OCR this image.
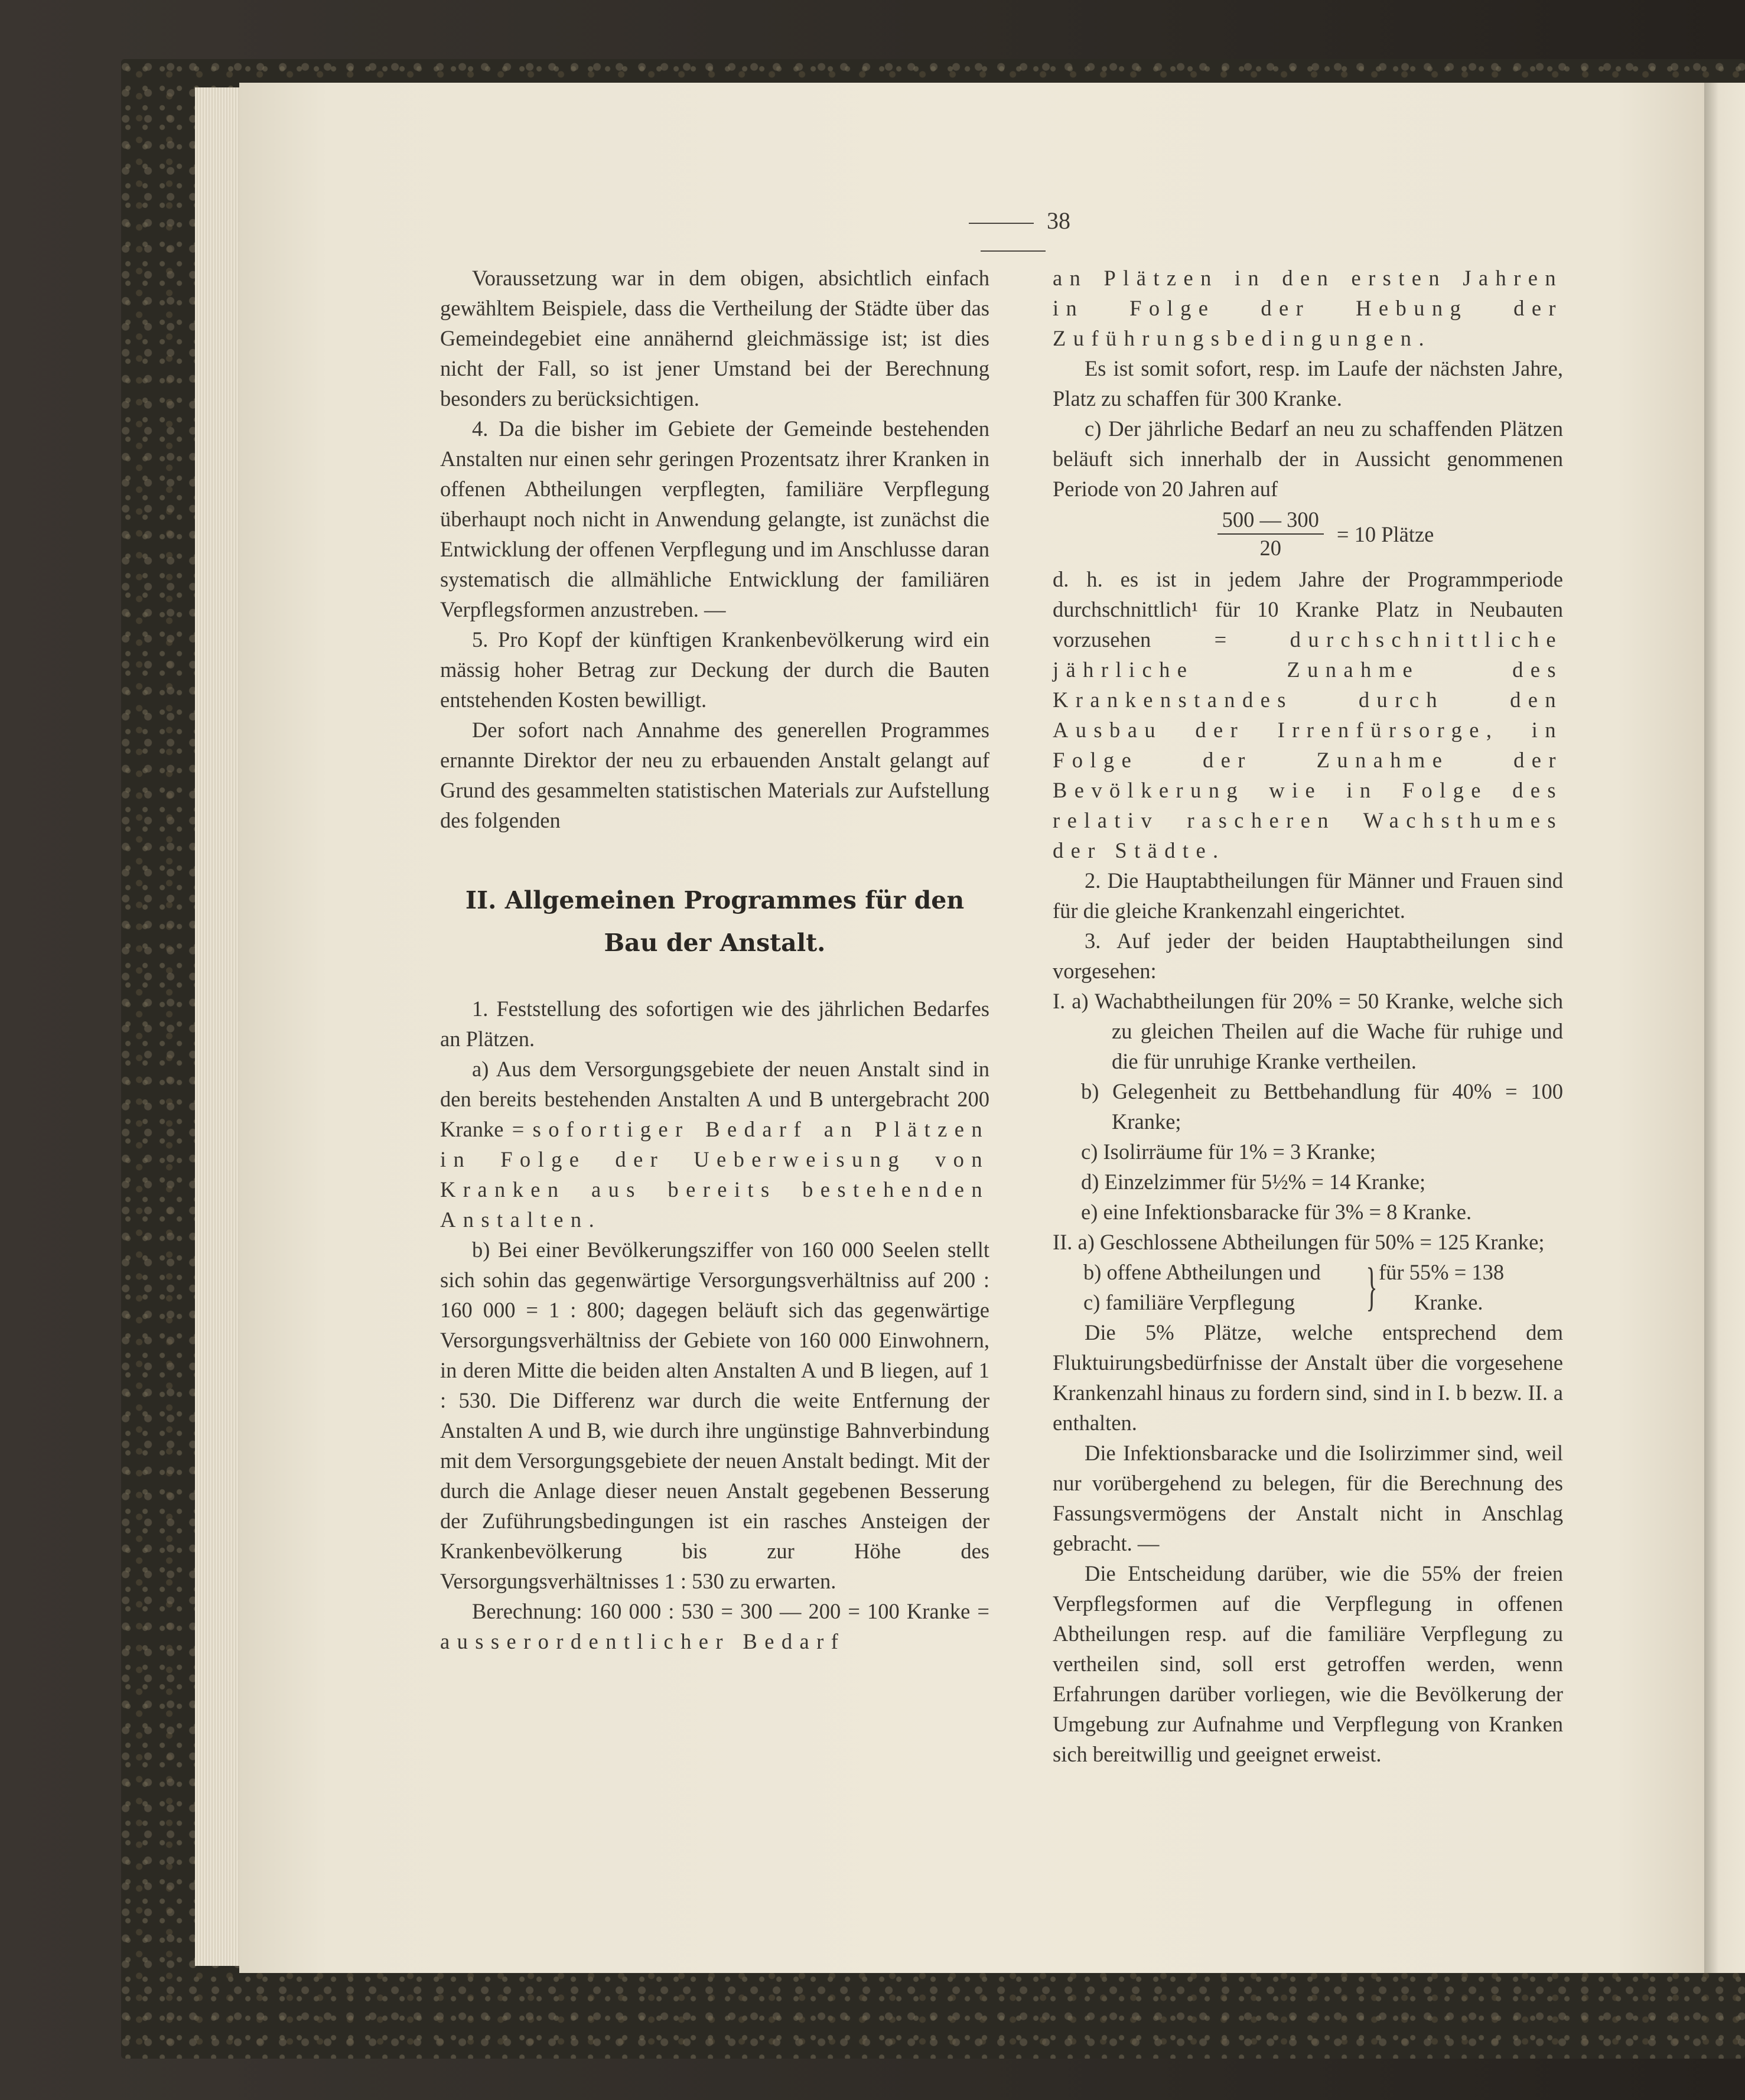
38

Voraussetzung war in dem obigen, absichtlich einfach gewähltem Beispiele, dass die Vertheilung der Städte über das Gemeindegebiet eine annähernd gleichmässige ist; ist dies nicht der Fall, so ist jener Umstand bei der Berechnung besonders zu berücksichtigen.

4. Da die bisher im Gebiete der Gemeinde bestehenden Anstalten nur einen sehr geringen Prozentsatz ihrer Kranken in offenen Abtheilungen verpflegten, familiäre Verpflegung überhaupt noch nicht in Anwendung gelangte, ist zunächst die Entwicklung der offenen Verpflegung und im Anschlusse daran systematisch die allmähliche Entwicklung der familiären Verpflegsformen anzustreben. —

5. Pro Kopf der künftigen Krankenbevölkerung wird ein mässig hoher Betrag zur Deckung der durch die Bauten entstehenden Kosten bewilligt.

Der sofort nach Annahme des generellen Programmes ernannte Direktor der neu zu erbauenden Anstalt gelangt auf Grund des gesammelten statistischen Materials zur Aufstellung des folgenden

II. Allgemeinen Programmes für den Bau der Anstalt.

1. Feststellung des sofortigen wie des jährlichen Bedarfes an Plätzen.

a) Aus dem Versorgungsgebiete der neuen Anstalt sind in den bereits bestehenden Anstalten A und B untergebracht 200 Kranke = sofortiger Bedarf an Plätzen in Folge der Ueberweisung von Kranken aus bereits bestehenden Anstalten.

b) Bei einer Bevölkerungsziffer von 160 000 Seelen stellt sich sohin das gegenwärtige Versorgungsverhältniss auf 200 : 160 000 = 1 : 800; dagegen beläuft sich das gegenwärtige Versorgungsverhältniss der Gebiete von 160 000 Einwohnern, in deren Mitte die beiden alten Anstalten A und B liegen, auf 1 : 530. Die Differenz war durch die weite Entfernung der Anstalten A und B, wie durch ihre ungünstige Bahnverbindung mit dem Versorgungsgebiete der neuen Anstalt bedingt. Mit der durch die Anlage dieser neuen Anstalt gegebenen Besserung der Zuführungsbedingungen ist ein rasches Ansteigen der Krankenbevölkerung bis zur Höhe des Versorgungsverhältnisses 1 : 530 zu erwarten.

Berechnung: 160 000 : 530 = 300 — 200 = 100 Kranke = ausserordentlicher Bedarf

an Plätzen in den ersten Jahren in Folge der Hebung der Zuführungsbedingungen.

Es ist somit sofort, resp. im Laufe der nächsten Jahre, Platz zu schaffen für 300 Kranke.

c) Der jährliche Bedarf an neu zu schaffenden Plätzen beläuft sich innerhalb der in Aussicht genommenen Periode von 20 Jahren auf

$\frac{500 — 300}{20} = 10$ Plätze

d. h. es ist in jedem Jahre der Programmperiode durchschnittlich¹ für 10 Kranke Platz in Neubauten vorzusehen =	durchschnittliche jährliche Zunahme des Krankenstandes durch den Ausbau der Irrenfürsorge, in Folge der Zunahme der Bevölkerung wie in Folge des relativ rascheren Wachsthumes der Städte.

2. Die Hauptabtheilungen für Männer und Frauen sind für die gleiche Krankenzahl eingerichtet.

3. Auf jeder der beiden Hauptabtheilungen sind vorgesehen:

I. a) Wachabtheilungen für 20% = 50 Kranke, welche sich zu gleichen Theilen auf die Wache für ruhige und die für unruhige Kranke vertheilen.

b) Gelegenheit zu Bettbehandlung für 40% = 100 Kranke;

c) Isolirräume für 1% = 3 Kranke;

d) Einzelzimmer für 5½% = 14 Kranke;

e) eine Infektionsbaracke für 3% = 8 Kranke.

II. a) Geschlossene Abtheilungen für 50% = 125 Kranke;

b) offene Abtheilungen und
c) familiäre Verpflegung	} für 55% = 138
Kranke.

Die 5% Plätze, welche entsprechend dem Fluktuirungsbedürfnisse der Anstalt über die vorgesehene Krankenzahl hinaus zu fordern sind, sind in I. b bezw. II. a enthalten.

Die Infektionsbaracke und die Isolirzimmer sind, weil nur vorübergehend zu belegen, für die Berechnung des Fassungsvermögens der Anstalt nicht in Anschlag gebracht. —

Die Entscheidung darüber, wie die 55% der freien Verpflegsformen auf die Verpflegung in offenen Abtheilungen resp. auf die familiäre Verpflegung zu vertheilen sind, soll erst getroffen werden, wenn Erfahrungen darüber vorliegen, wie die Bevölkerung der Umgebung zur Aufnahme und Verpflegung von Kranken sich bereitwillig und geeignet erweist.
